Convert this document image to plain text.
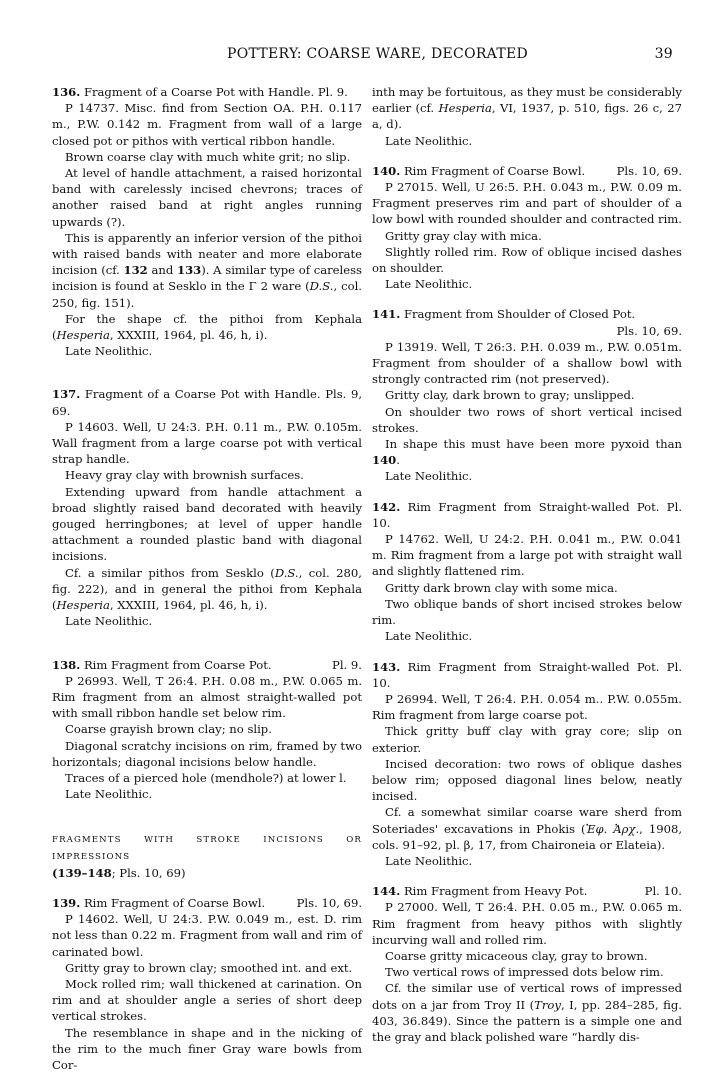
POTTERY: COARSE WARE, DECORATED	39

136. Fragment of a Coarse Pot with Handle. Pl. 9.

P 14737. Misc. find from Section OA. P.H. 0.117 m., P.W. 0.142 m. Fragment from wall of a large closed pot or pithos with vertical ribbon handle.

Brown coarse clay with much white grit; no slip.

At level of handle attachment, a raised horizontal band with carelessly incised chevrons; traces of another raised band at right angles running upwards (?).

This is apparently an inferior version of the pithoi with raised bands with neater and more elaborate incision (cf. 132 and 133). A similar type of careless incision is found at Sesklo in the Γ 2 ware (D.S., col. 250, fig. 151).

For the shape cf. the pithoi from Kephala (Hesperia, XXXIII, 1964, pl. 46, h, i).

Late Neolithic.

137. Fragment of a Coarse Pot with Handle. Pls. 9, 69.

P 14603. Well, U 24:3. P.H. 0.11 m., P.W. 0.105m. Wall fragment from a large coarse pot with vertical strap handle.

Heavy gray clay with brownish surfaces.

Extending upward from handle attachment a broad slightly raised band decorated with heavily gouged herringbones; at level of upper handle attachment a rounded plastic band with diagonal incisions.

Cf. a similar pithos from Sesklo (D.S., col. 280, fig. 222), and in general the pithoi from Kephala (Hesperia, XXXIII, 1964, pl. 46, h, i).

Late Neolithic.

138. Rim Fragment from Coarse Pot.	Pl. 9.

P 26993. Well, T 26:4. P.H. 0.08 m., P.W. 0.065 m. Rim fragment from an almost straight-walled pot with small ribbon handle set below rim.

Coarse grayish brown clay; no slip.

Diagonal scratchy incisions on rim, framed by two horizontals; diagonal incisions below handle.

Traces of a pierced hole (mendhole?) at lower l.

Late Neolithic.

FRAGMENTS WITH STROKE INCISIONS OR IMPRESSIONS

(139–148; Pls. 10, 69)

139. Rim Fragment of Coarse Bowl.	Pls. 10, 69.

P 14602. Well, U 24:3. P.W. 0.049 m., est. D. rim not less than 0.22 m. Fragment from wall and rim of carinated bowl.

Gritty gray to brown clay; smoothed int. and ext.

Mock rolled rim; wall thickened at carination. On rim and at shoulder angle a series of short deep vertical strokes.

The resemblance in shape and in the nicking of the rim to the much finer Gray ware bowls from Cor-

inth may be fortuitous, as they must be considerably earlier (cf. Hesperia, VI, 1937, p. 510, figs. 26 c, 27 a, d).

Late Neolithic.

140. Rim Fragment of Coarse Bowl.	Pls. 10, 69.

P 27015. Well, U 26:5. P.H. 0.043 m., P.W. 0.09 m. Fragment preserves rim and part of shoulder of a low bowl with rounded shoulder and contracted rim.

Gritty gray clay with mica.

Slightly rolled rim. Row of oblique incised dashes on shoulder.

Late Neolithic.

141. Fragment from Shoulder of Closed Pot.

Pls. 10, 69.

P 13919. Well, T 26:3. P.H. 0.039 m., P.W. 0.051m. Fragment from shoulder of a shallow bowl with strongly contracted rim (not preserved).

Gritty clay, dark brown to gray; unslipped.

On shoulder two rows of short vertical incised strokes.

In shape this must have been more pyxoid than 140.

Late Neolithic.

142. Rim Fragment from Straight-walled Pot. Pl. 10.

P 14762. Well, U 24:2. P.H. 0.041 m., P.W. 0.041 m. Rim fragment from a large pot with straight wall and slightly flattened rim.

Gritty dark brown clay with some mica.

Two oblique bands of short incised strokes below rim.

Late Neolithic.

143. Rim Fragment from Straight-walled Pot. Pl. 10.

P 26994. Well, T 26:4. P.H. 0.054 m.. P.W. 0.055m. Rim fragment from large coarse pot.

Thick gritty buff clay with gray core; slip on exterior.

Incised decoration: two rows of oblique dashes below rim; opposed diagonal lines below, neatly incised.

Cf. a somewhat similar coarse ware sherd from Soteriades' excavations in Phokis (Ἐφ. Ἀρχ., 1908, cols. 91–92, pl. β, 17, from Chaironeia or Elateia).

Late Neolithic.

144. Rim Fragment from Heavy Pot.	Pl. 10.

P 27000. Well, T 26:4. P.H. 0.05 m., P.W. 0.065 m. Rim fragment from heavy pithos with slightly incurving wall and rolled rim.

Coarse gritty micaceous clay, gray to brown.

Two vertical rows of impressed dots below rim.

Cf. the similar use of vertical rows of impressed dots on a jar from Troy II (Troy, I, pp. 284–285, fig. 403, 36.849). Since the pattern is a simple one and the gray and black polished ware “hardly dis-
